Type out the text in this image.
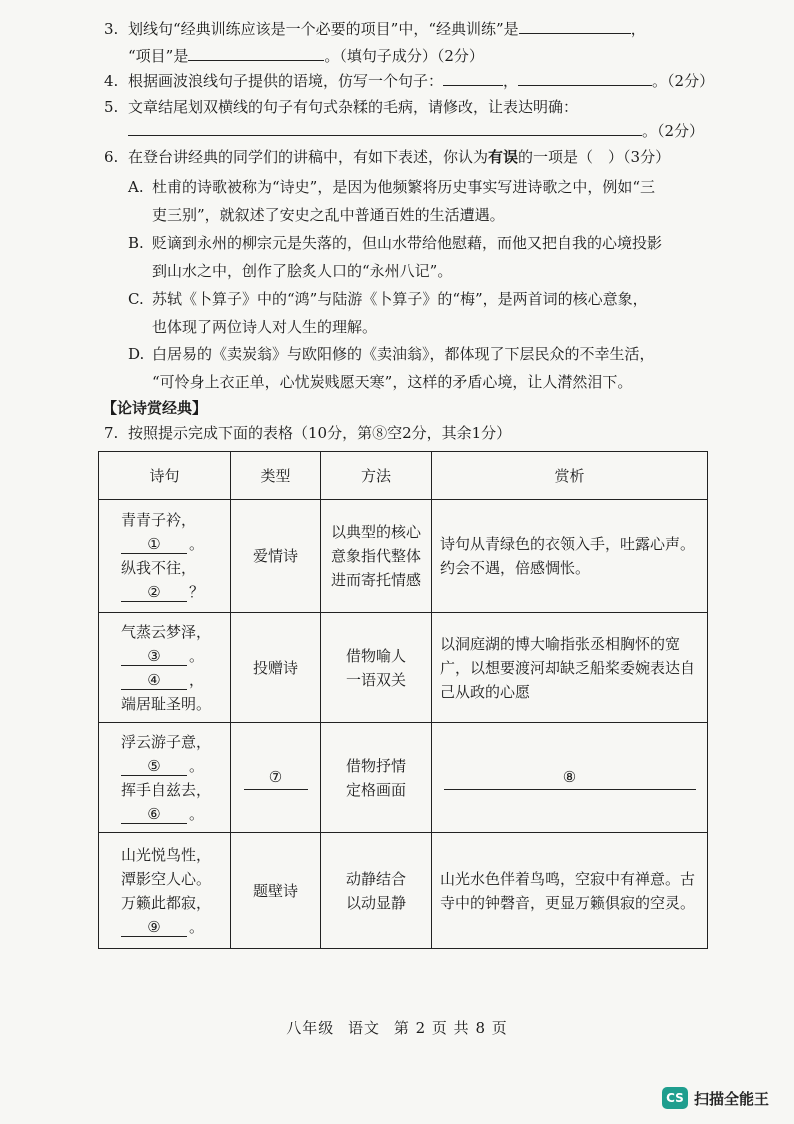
3. 划线句“经典训练应该是一个必要的项目”中，“经典训练”是	，
“项目”是	。（填句子成分）（2分）
4. 根据画波浪线句子提供的语境，仿写一个句子：	，	。（2分）
5. 文章结尾划双横线的句子有句式杂糅的毛病，请修改，让表达明确：
。（2分）
6. 在登台讲经典的同学们的讲稿中，有如下表述，你认为有误的一项是（　）（3分）
A. 杜甫的诗歌被称为“诗史”，是因为他频繁将历史事实写进诗歌之中，例如“三
吏三别”，就叙述了安史之乱中普通百姓的生活遭遇。
B. 贬谪到永州的柳宗元是失落的，但山水带给他慰藉，而他又把自我的心境投影
到山水之中，创作了脍炙人口的“永州八记”。
C. 苏轼《卜算子》中的“鸿”与陆游《卜算子》的“梅”，是两首词的核心意象，
也体现了两位诗人对人生的理解。
D. 白居易的《卖炭翁》与欧阳修的《卖油翁》，都体现了下层民众的不幸生活，
“可怜身上衣正单，心忧炭贱愿天寒”，这样的矛盾心境，让人潸然泪下。
【论诗赏经典】
7. 按照提示完成下面的表格（10分，第⑧空2分，其余1分）
诗句	类型	方法	赏析

青青子衿，
① 。
纵我不往，
② ？	爱情诗	以典型的核心
意象指代整体
进而寄托情感	诗句从青绿色的衣领入手，吐露心声。约会不遇，倍感惆怅。

气蒸云梦泽，
③ 。
④ ，
端居耻圣明。	投赠诗	借物喻人
一语双关	以洞庭湖的博大喻指张丞相胸怀的宽广，以想要渡河却缺乏船桨委婉表达自己从政的心愿

浮云游子意，
⑤ 。
挥手自兹去，
⑥ 。	⑦	借物抒情
定格画面	⑧

山光悦鸟性，
潭影空人心。
万籁此都寂，
⑨ 。	题壁诗	动静结合
以动显静	山光水色伴着鸟鸣，空寂中有禅意。古寺中的钟磬音，更显万籁俱寂的空灵。
八年级 语文 第 2 页 共 8 页
CS 扫描全能王
